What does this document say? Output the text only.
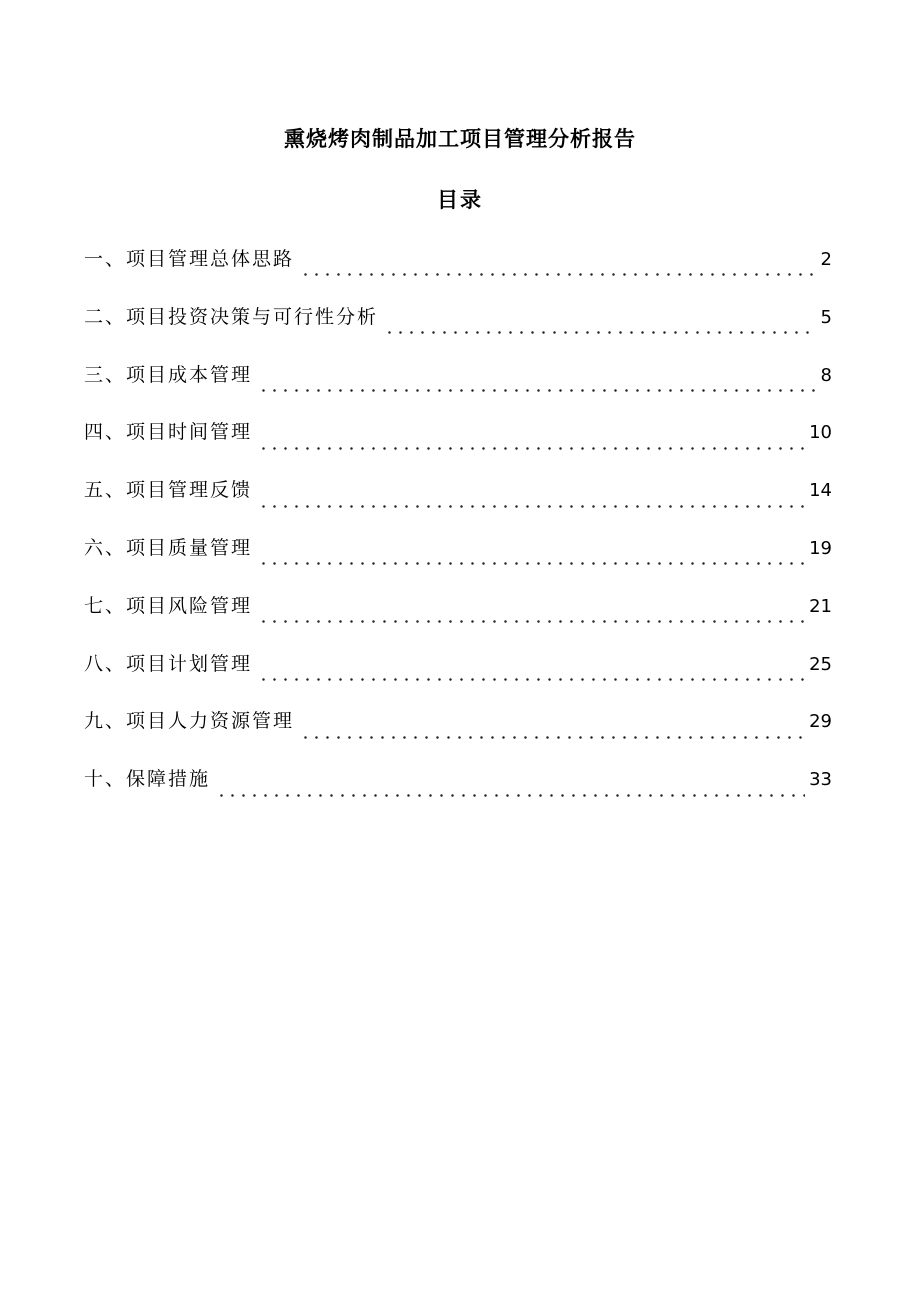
熏烧烤肉制品加工项目管理分析报告
目录
一、项目管理总体思路	2
二、项目投资决策与可行性分析	5
三、项目成本管理	8
四、项目时间管理	10
五、项目管理反馈	14
六、项目质量管理	19
七、项目风险管理	21
八、项目计划管理	25
九、项目人力资源管理	29
十、保障措施	33
